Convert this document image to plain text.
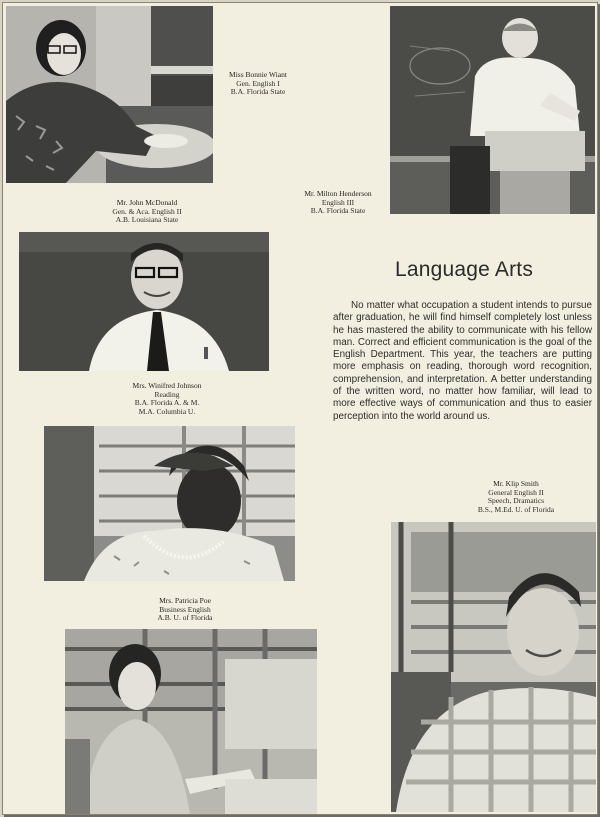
Miss Bonnie Wiant
Gen. English I
B.A. Florida State
Mr. John McDonald
Gen. & Aca. English II
A.B. Louisiana State
Mr. Milton Henderson
English III
B.A. Florida State
Mrs. Winifred Johnson
Reading
B.A. Florida A. & M.
M.A. Columbia U.
Mr. Klip Smith
General English II
Speech, Dramatics
B.S., M.Ed. U. of Florida
Mrs. Patricia Poe
Business English
A.B. U. of Florida
Language Arts
No matter what occupation a student intends to pursue after graduation, he will find himself completely lost unless he has mastered the ability to communicate with his fellow man. Correct and efficient communication is the goal of the English Department. This year, the teachers are putting more emphasis on reading, thorough word recognition, comprehension, and interpretation. A better understanding of the written word, no matter how familiar, will lead to more effective ways of communication and thus to easier perception into the world around us.
